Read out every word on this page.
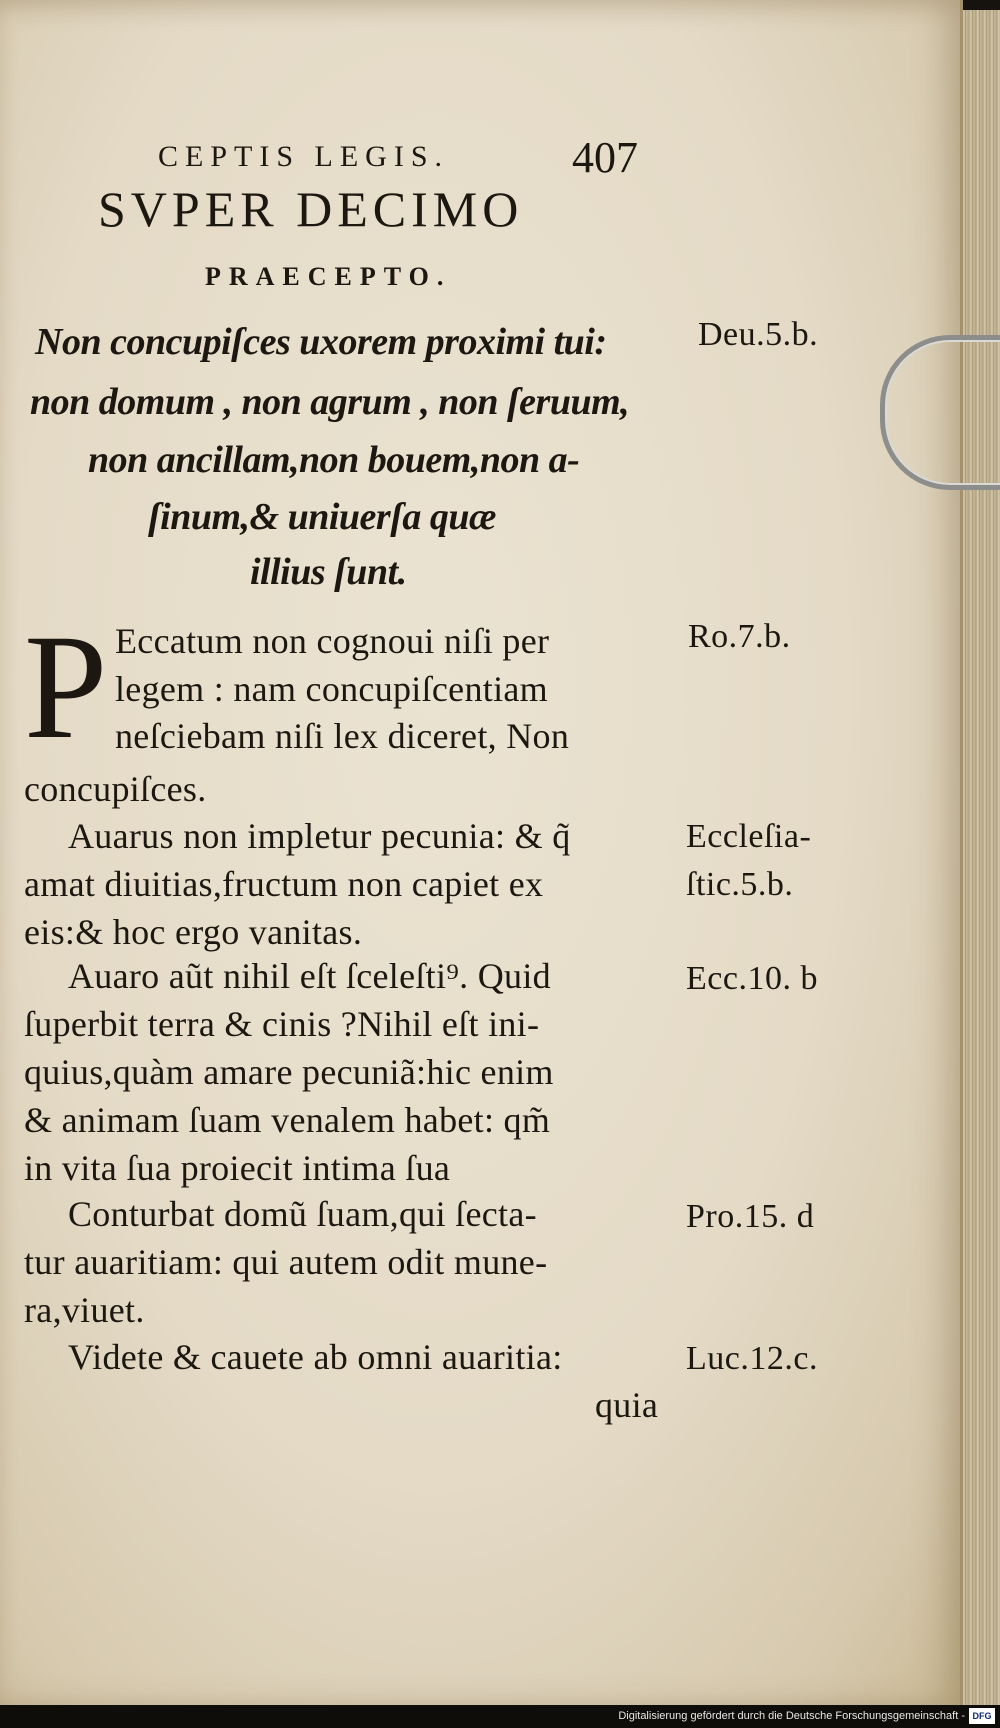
CEPTIS LEGIS.	407
SVPER DECIMO
PRAECEPTO.
Non concupiſces uxorem proximi tui:
non domum , non agrum , non ſeruum,
non ancillam,non bouem,non a-
ſinum,& uniuerſa quæ
illius ſunt.
Deu.5.b.
P Eccatum non cognoui niſi per
legem : nam concupiſcentiam
neſciebam niſi lex diceret, Non
concupiſces.
Ro.7.b.
Auarus non impletur pecunia: & q̃
amat diuitias,fructum non capiet ex
eis:& hoc ergo vanitas.
Eccleſia-
ſtic.5.b.
Auaro aũt nihil eſt ſceleſti⁹. Quid
ſuperbit terra & cinis ?Nihil eſt ini-
quius,quàm amare pecuniã:hic enim
& animam ſuam venalem habet: qm̃
in vita ſua proiecit intima ſua
Ecc.10. b
Conturbat domũ ſuam,qui ſecta-
tur auaritiam: qui autem odit mune-
ra,viuet.
Pro.15. d
Videte & cauete ab omni auaritia:	Luc.12.c.
quia
Digitalisierung gefördert durch die Deutsche Forschungsgemeinschaft - DFG
